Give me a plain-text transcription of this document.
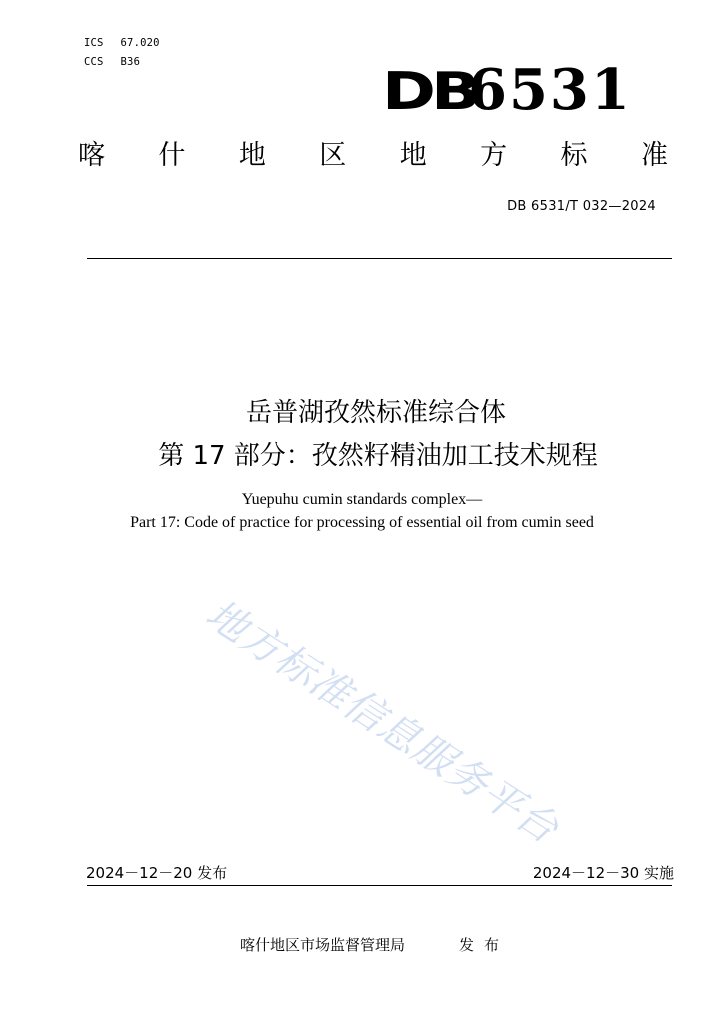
ICS 67.020
CCS B36	DB
6531
喀 什 地 区 地 方 标 准
DB 6531/T 032—2024
岳普湖孜然标准综合体
第 17 部分：孜然籽精油加工技术规程
Yuepuhu cumin standards complex—
Part 17: Code of practice for processing of essential oil from cumin seed
地方标准信息服务平台
2024－12－20 发布	2024－12－30 实施
喀什地区市场监督管理局	发布
